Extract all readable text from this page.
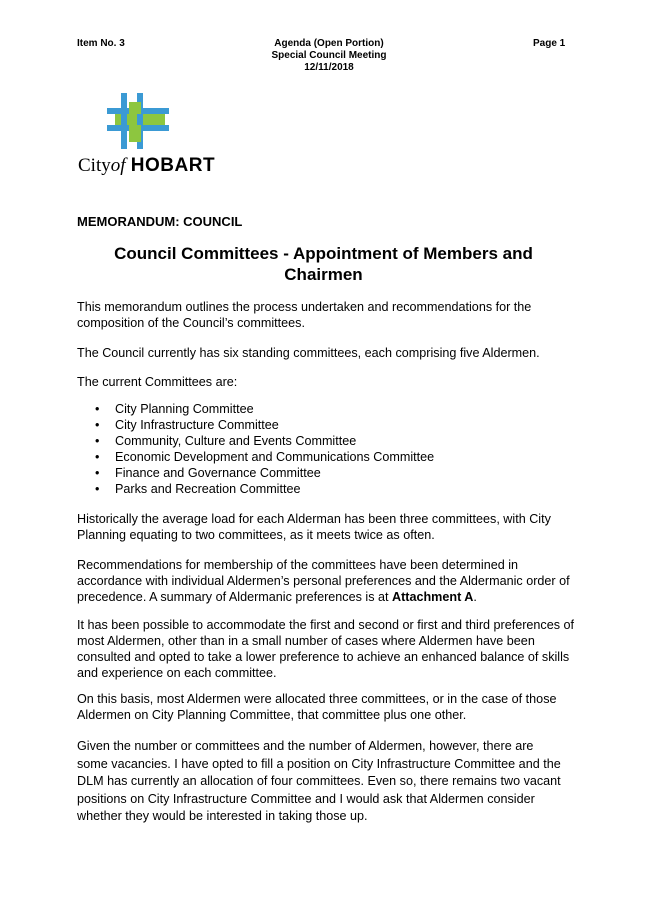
Item No. 3	Agenda (Open Portion)
Special Council Meeting
12/11/2018
Page 1
Cityof HOBART
MEMORANDUM: COUNCIL
Council Committees - Appointment of Members and Chairmen
This memorandum outlines the process undertaken and recommendations for the composition of the Council’s committees.
The Council currently has six standing committees, each comprising five Aldermen.
The current Committees are:
• City Planning Committee
• City Infrastructure Committee
• Community, Culture and Events Committee
• Economic Development and Communications Committee
• Finance and Governance Committee
• Parks and Recreation Committee
Historically the average load for each Alderman has been three committees, with City Planning equating to two committees, as it meets twice as often.
Recommendations for membership of the committees have been determined in accordance with individual Aldermen’s personal preferences and the Aldermanic order of precedence. A summary of Aldermanic preferences is at Attachment A.
It has been possible to accommodate the first and second or first and third preferences of most Aldermen, other than in a small number of cases where Aldermen have been consulted and opted to take a lower preference to achieve an enhanced balance of skills and experience on each committee.
On this basis, most Aldermen were allocated three committees, or in the case of those Aldermen on City Planning Committee, that committee plus one other.
Given the number or committees and the number of Aldermen, however, there are some vacancies. I have opted to fill a position on City Infrastructure Committee and the DLM has currently an allocation of four committees. Even so, there remains two vacant positions on City Infrastructure Committee and I would ask that Aldermen consider whether they would be interested in taking those up.
